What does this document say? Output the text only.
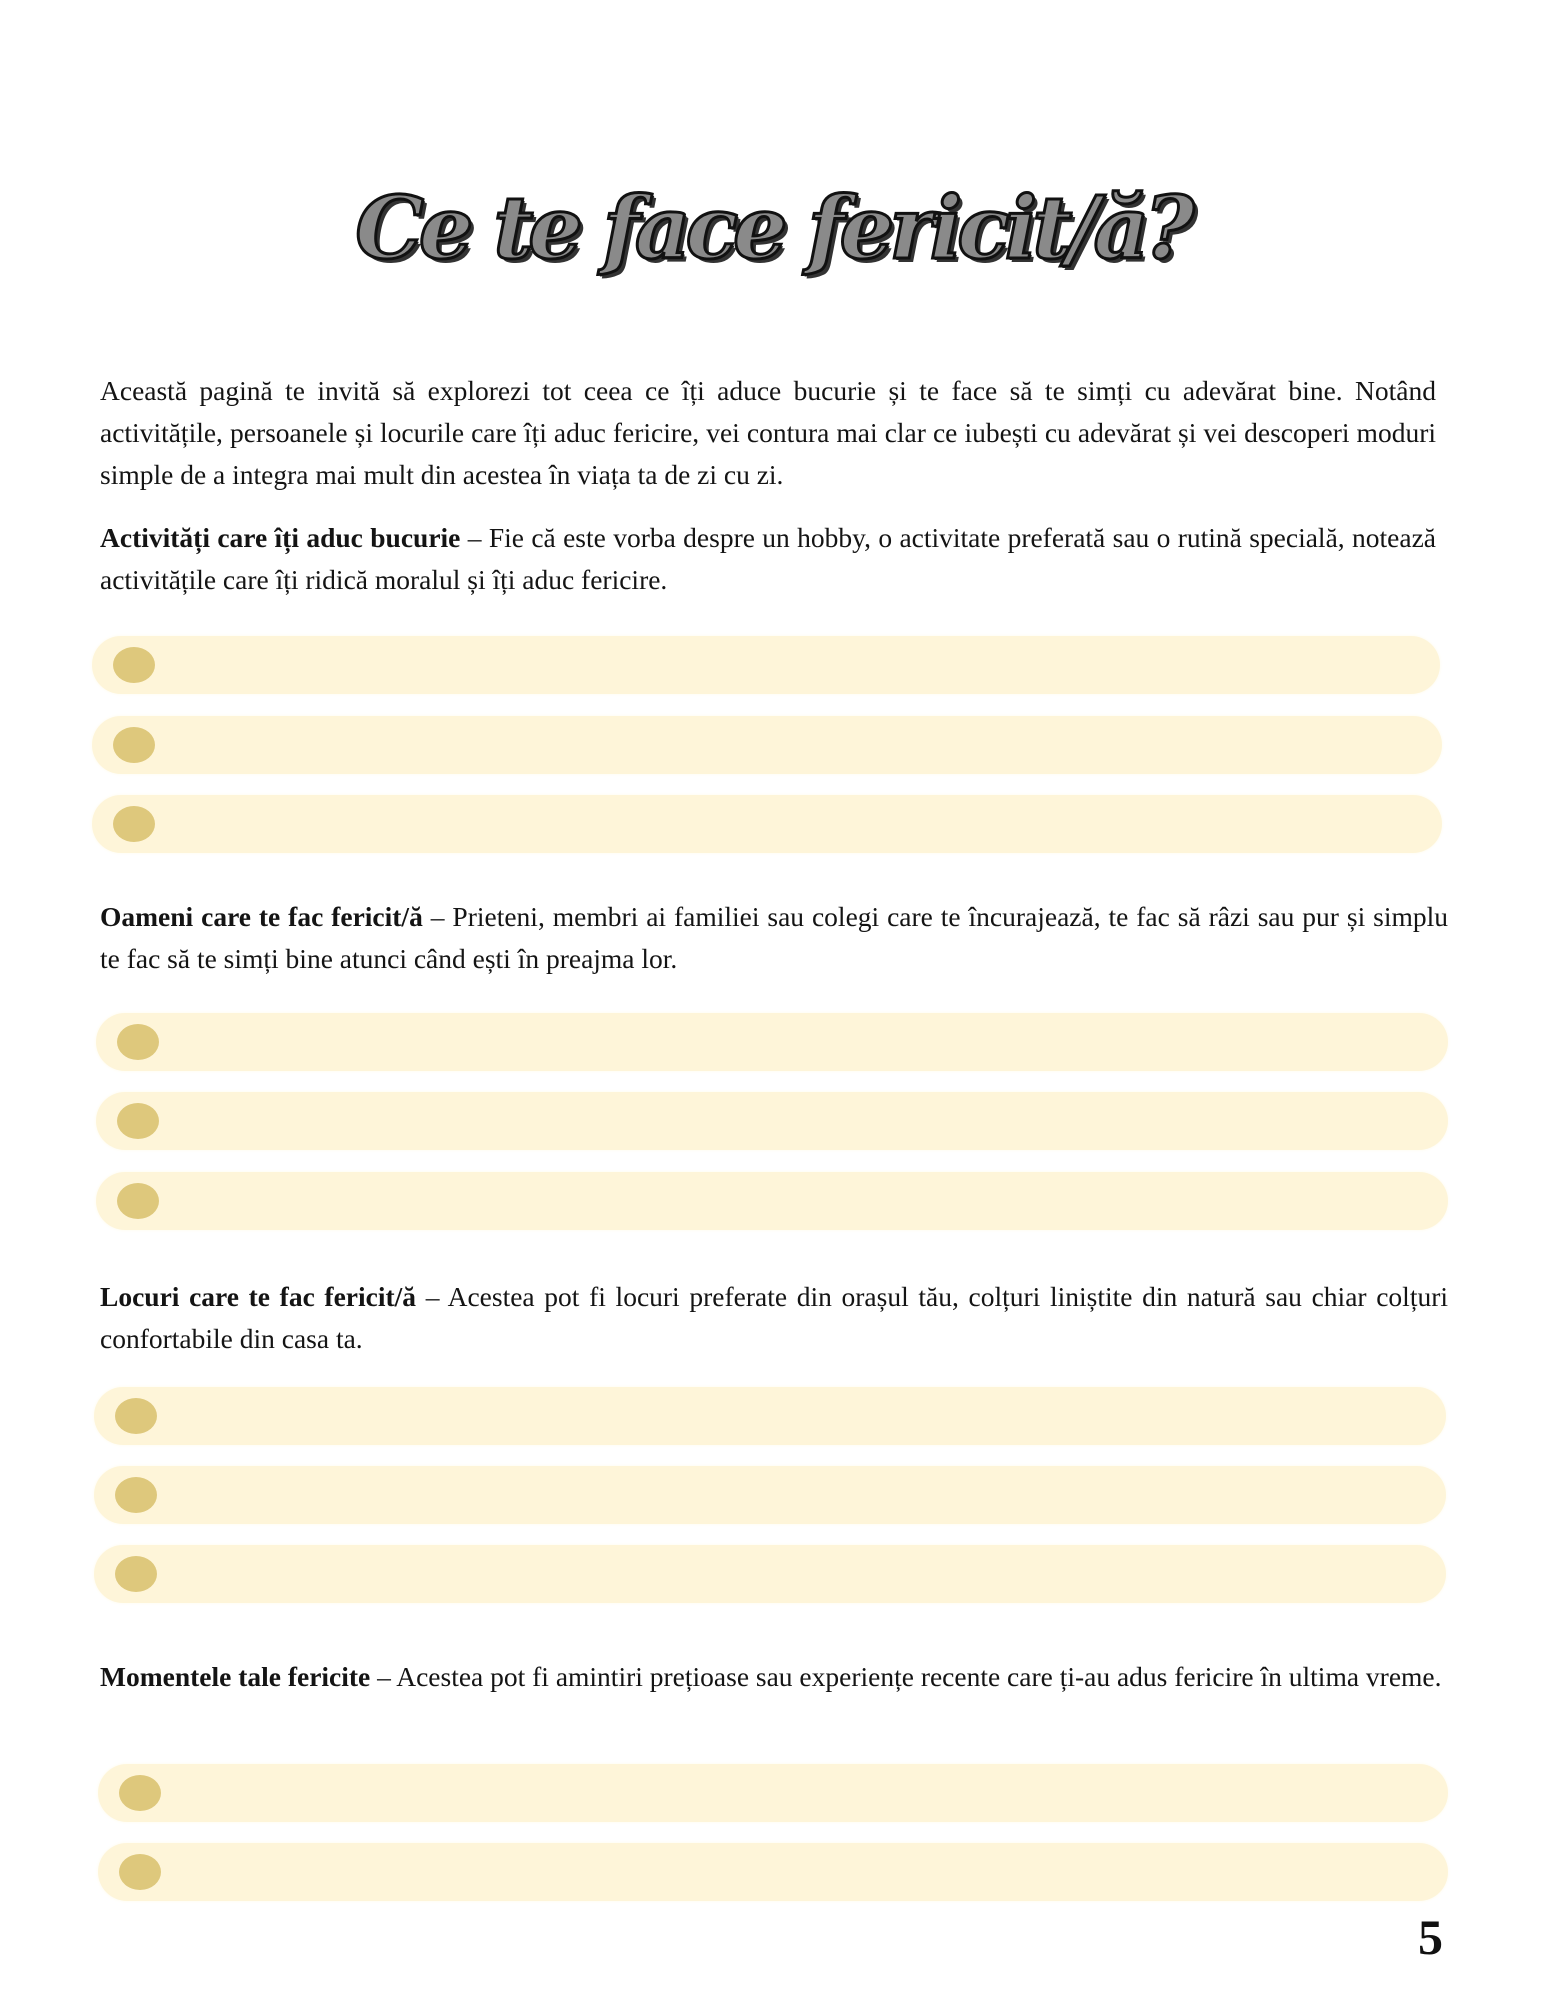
Ce te face fericit/ă?

Această pagină te invită să explorezi tot ceea ce îți aduce bucurie și te face să te simți cu adevărat bine. Notând activitățile, persoanele și locurile care îți aduc fericire, vei contura mai clar ce iubești cu adevărat și vei descoperi moduri simple de a integra mai mult din acestea în viața ta de zi cu zi.

Activități care îți aduc bucurie – Fie că este vorba despre un hobby, o activitate preferată sau o rutină specială, notează activitățile care îți ridică moralul și îți aduc fericire.

Oameni care te fac fericit/ă – Prieteni, membri ai familiei sau colegi care te încurajează, te fac să râzi sau pur și simplu te fac să te simți bine atunci când ești în preajma lor.

Locuri care te fac fericit/ă – Acestea pot fi locuri preferate din orașul tău, colțuri liniștite din natură sau chiar colțuri confortabile din casa ta.

Momentele tale fericite – Acestea pot fi amintiri prețioase sau experiențe recente care ți-au adus fericire în ultima vreme.

5
